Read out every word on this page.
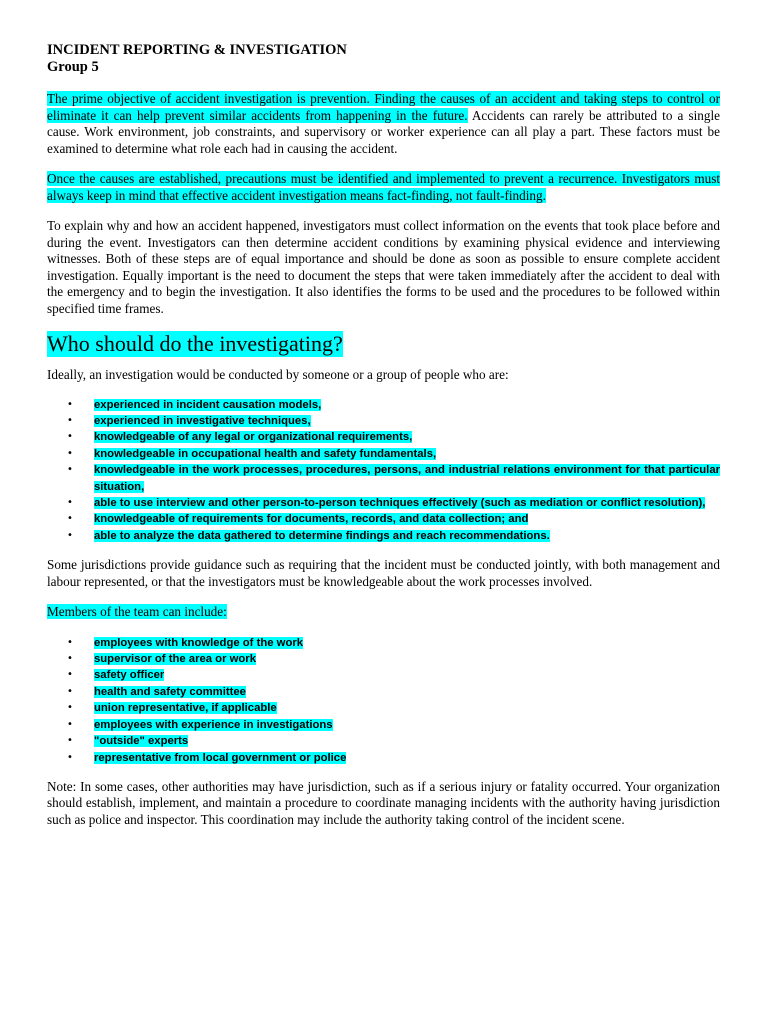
INCIDENT REPORTING & INVESTIGATION

Group 5

The prime objective of accident investigation is prevention. Finding the causes of an accident and taking steps to control or eliminate it can help prevent similar accidents from happening in the future. Accidents can rarely be attributed to a single cause. Work environment, job constraints, and supervisory or worker experience can all play a part. These factors must be examined to determine what role each had in causing the accident.

Once the causes are established, precautions must be identified and implemented to prevent a recurrence. Investigators must always keep in mind that effective accident investigation means fact-finding, not fault-finding.

To explain why and how an accident happened, investigators must collect information on the events that took place before and during the event. Investigators can then determine accident conditions by examining physical evidence and interviewing witnesses. Both of these steps are of equal importance and should be done as soon as possible to ensure complete accident investigation. Equally important is the need to document the steps that were taken immediately after the accident to deal with the emergency and to begin the investigation. It also identifies the forms to be used and the procedures to be followed within specified time frames.

Who should do the investigating?

Ideally, an investigation would be conducted by someone or a group of people who are:

• experienced in incident causation models,
• experienced in investigative techniques,
• knowledgeable of any legal or organizational requirements,
• knowledgeable in occupational health and safety fundamentals,
• knowledgeable in the work processes, procedures, persons, and industrial relations environment for that particular situation,
• able to use interview and other person-to-person techniques effectively (such as mediation or conflict resolution),
• knowledgeable of requirements for documents, records, and data collection; and
• able to analyze the data gathered to determine findings and reach recommendations.

Some jurisdictions provide guidance such as requiring that the incident must be conducted jointly, with both management and labour represented, or that the investigators must be knowledgeable about the work processes involved.

Members of the team can include:

• employees with knowledge of the work
• supervisor of the area or work
• safety officer
• health and safety committee
• union representative, if applicable
• employees with experience in investigations
• "outside" experts
• representative from local government or police

Note: In some cases, other authorities may have jurisdiction, such as if a serious injury or fatality occurred. Your organization should establish, implement, and maintain a procedure to coordinate managing incidents with the authority having jurisdiction such as police and inspector. This coordination may include the authority taking control of the incident scene.
